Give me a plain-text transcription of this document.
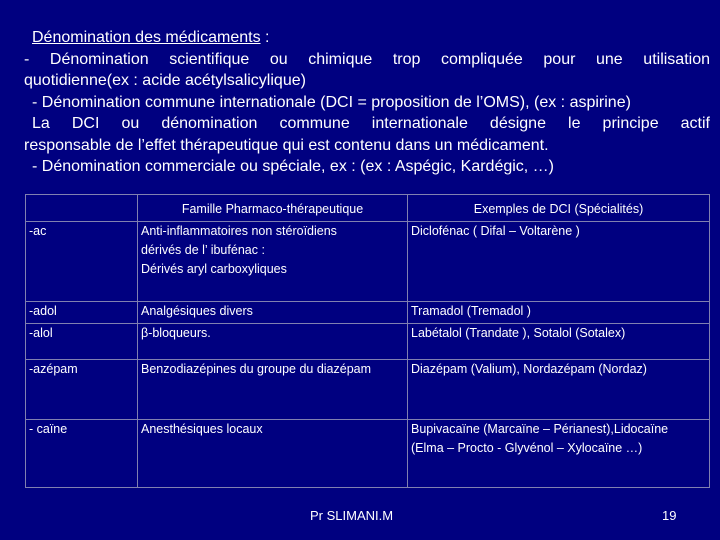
Dénomination des médicaments :

- Dénomination scientifique ou chimique trop compliquée pour une utilisation

quotidienne(ex : acide acétylsalicylique)

- Dénomination commune internationale (DCI = proposition de l’OMS), (ex : aspirine)

La DCI ou dénomination commune internationale désigne le principe actif

responsable de l’effet thérapeutique qui est contenu dans un médicament.

- Dénomination commerciale ou spéciale, ex : (ex : Aspégic, Kardégic, …)

	Famille Pharmaco-thérapeutique	Exemples de DCI (Spécialités)
-ac	Anti-inflammatoires non stéroïdiens
dérivés de l’ ibufénac :
Dérivés aryl carboxyliques	Diclofénac ( Difal – Voltarène )

-adol	Analgésiques divers	Tramadol (Tremadol )

-alol	β-bloqueurs.	Labétalol (Trandate ), Sotalol (Sotalex)

-azépam	Benzodiazépines du groupe du diazépam	Diazépam (Valium), Nordazépam (Nordaz)

- caïne	Anesthésiques locaux	Bupivacaïne (Marcaïne – Périanest),Lidocaïne
(Elma – Procto - Glyvénol – Xylocaïne …)
Pr SLIMANI.M	19
